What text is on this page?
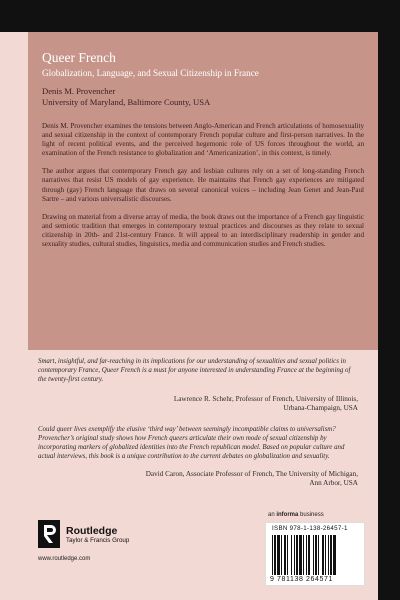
Queer French
Globalization, Language, and Sexual Citizenship in France
Denis M. Provencher
University of Maryland, Baltimore County, USA

Denis M. Provencher examines the tensions between Anglo-American and French articulations of homosexuality and sexual citizenship in the context of contemporary French popular culture and first-person narratives. In the light of recent political events, and the perceived hegemonic role of US forces throughout the world, an examination of the French resistance to globalization and ‘Americanization’, in this context, is timely.

The author argues that contemporary French gay and lesbian cultures rely on a set of long-standing French narratives that resist US models of gay experience. He maintains that French gay experiences are mitigated through (gay) French language that draws on several canonical voices – including Jean Genet and Jean-Paul Sartre – and various universalistic discourses.

Drawing on material from a diverse array of media, the book draws out the importance of a French gay linguistic and semiotic tradition that emerges in contemporary textual practices and discourses as they relate to sexual citizenship in 20th- and 21st-century France. It will appeal to an interdisciplinary readership in gender and sexuality studies, cultural studies, linguistics, media and communication studies and French studies.

Smart, insightful, and far-reaching in its implications for our understanding of sexualities and sexual politics in contemporary France, Queer French is a must for anyone interested in understanding France at the beginning of the twenty-first century.

Lawrence R. Schehr, Professor of French, University of Illinois,
Urbana-Champaign, USA

Could queer lives exemplify the elusive ‘third way’ between seemingly incompatible claims to universalism? Provencher’s original study shows how French queers articulate their own mode of sexual citizenship by incorporating markers of globalized identities into the French republican model. Based on popular culture and actual interviews, this book is a unique contribution to the current debates on globalization and sexuality.

David Caron, Associate Professor of French, The University of Michigan,
Ann Arbor, USA
Routledge
Taylor & Francis Group
www.routledge.com
an informa business
ISBN 978-1-138-26457-1
9 781138 264571
